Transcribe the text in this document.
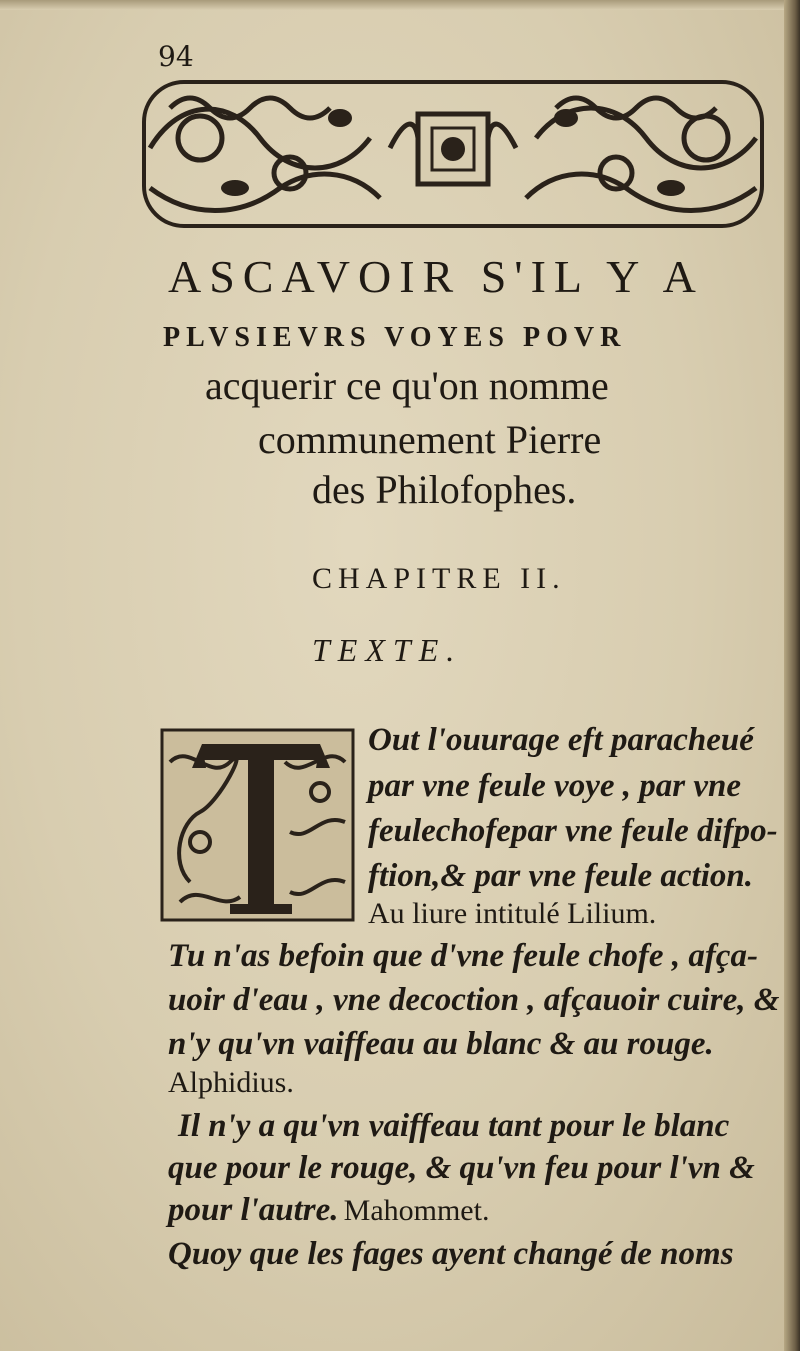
94
ASCAVOIR S'IL Y A
PLVSIEVRS VOYES POVR
acquerir ce qu'on nomme
communement Pierre
des Philofophes.
CHAPITRE II.
TEXTE.
Out l'ouurage eft paracheué
par vne feule voye , par vne
feulechofepar vne feule difpo-
ftion,& par vne feule action.
Au liure intitulé Lilium.
Tu n'as befoin que d'vne feule chofe , afça-
uoir d'eau , vne decoction , afçauoir cuire, &
n'y qu'vn vaiffeau au blanc & au rouge.
Alphidius.
Il n'y a qu'vn vaiffeau tant pour le blanc
que pour le rouge, & qu'vn feu pour l'vn &
pour l'autre. Mahommet.
Quoy que les fages ayent changé de noms
